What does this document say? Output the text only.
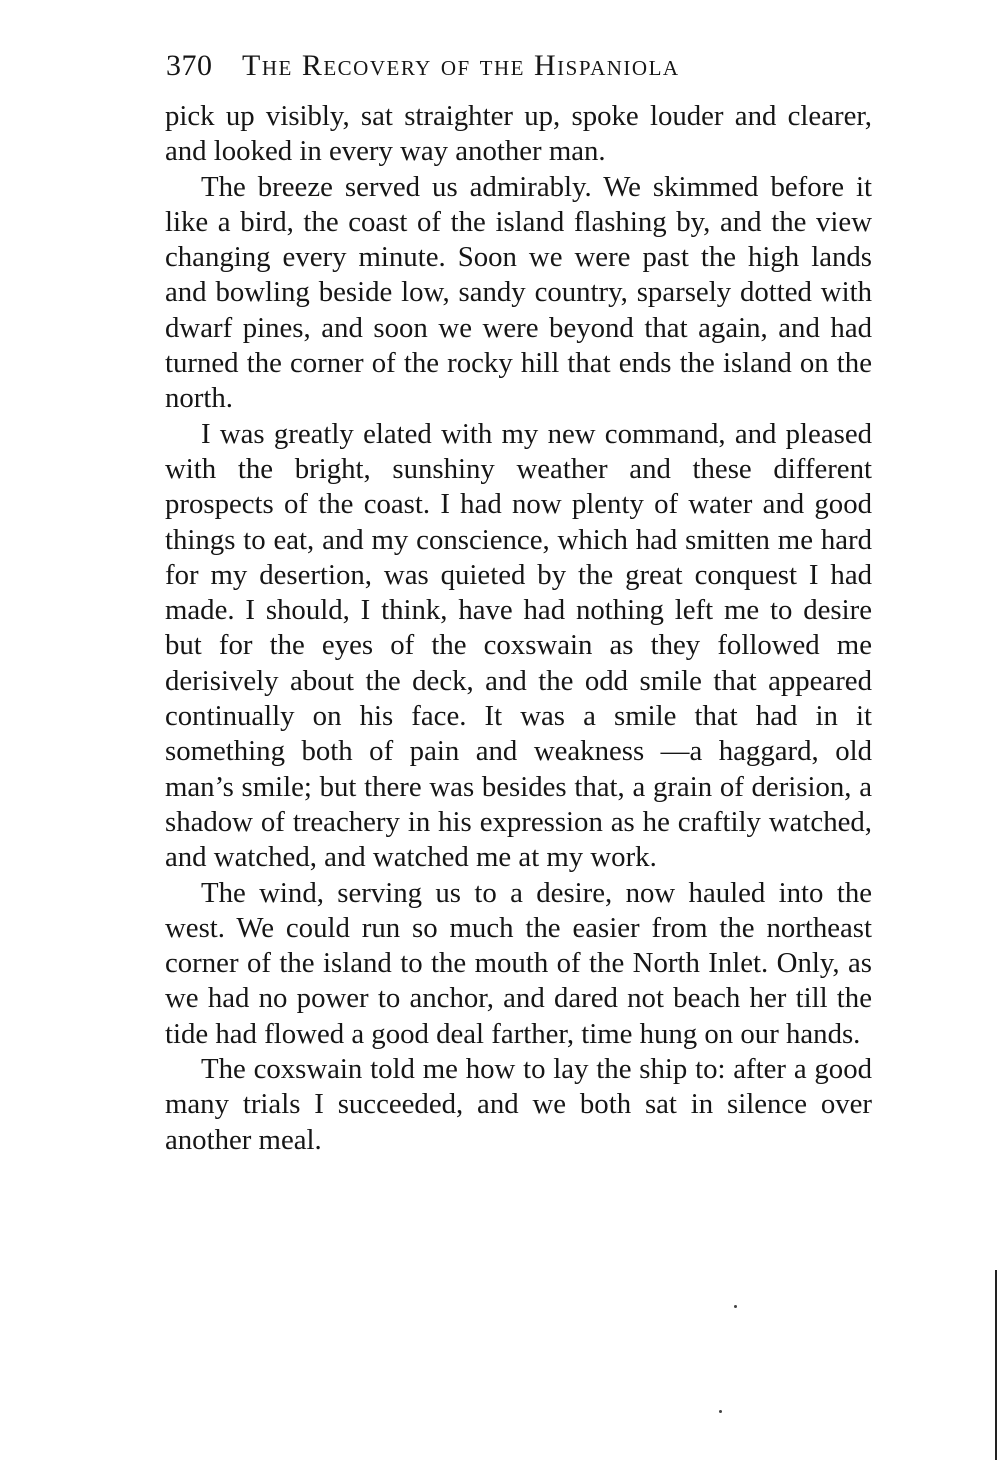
370 The Recovery of the Hispaniola

pick up visibly, sat straighter up, spoke louder and clearer, and looked in every way another man.

The breeze served us admirably. We skimmed before it like a bird, the coast of the island flashing by, and the view changing every minute. Soon we were past the high lands and bowling beside low, sandy country, sparsely dotted with dwarf pines, and soon we were beyond that again, and had turned the corner of the rocky hill that ends the island on the north.

I was greatly elated with my new command, and pleased with the bright, sunshiny weather and these different prospects of the coast. I had now plenty of water and good things to eat, and my conscience, which had smitten me hard for my desertion, was quieted by the great conquest I had made. I should, I think, have had nothing left me to desire but for the eyes of the coxswain as they followed me derisively about the deck, and the odd smile that appeared continually on his face. It was a smile that had in it something both of pain and weakness —a haggard, old man’s smile; but there was besides that, a grain of derision, a shadow of treachery in his expression as he craftily watched, and watched, and watched me at my work.

The wind, serving us to a desire, now hauled into the west. We could run so much the easier from the northeast corner of the island to the mouth of the North Inlet. Only, as we had no power to anchor, and dared not beach her till the tide had flowed a good deal farther, time hung on our hands.

The coxswain told me how to lay the ship to: after a good many trials I succeeded, and we both sat in silence over another meal.
